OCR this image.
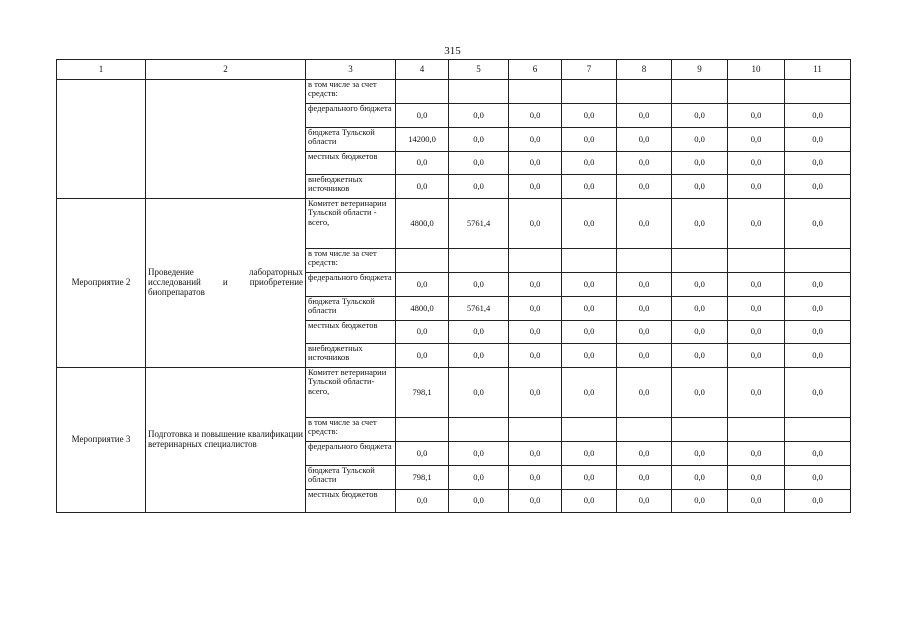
315
1	2	3	4	5	6	7	8	9	10	11
		в том числе за счет средств:								
		федерального бюджета	0,0	0,0	0,0	0,0	0,0	0,0	0,0	0,0
		бюджета Тульской области	14200,0	0,0	0,0	0,0	0,0	0,0	0,0	0,0
		местных бюджетов	0,0	0,0	0,0	0,0	0,0	0,0	0,0	0,0
		внебюджетных источников	0,0	0,0	0,0	0,0	0,0	0,0	0,0	0,0
Мероприятие 2	Проведение лабораторных исследований и приобретение биопрепаратов	Комитет ветеринарии Тульской области - всего,	4800,0	5761,4	0,0	0,0	0,0	0,0	0,0	0,0
		в том числе за счет средств:								
		федерального бюджета	0,0	0,0	0,0	0,0	0,0	0,0	0,0	0,0
		бюджета Тульской области	4800,0	5761,4	0,0	0,0	0,0	0,0	0,0	0,0
		местных бюджетов	0,0	0,0	0,0	0,0	0,0	0,0	0,0	0,0
		внебюджетных источников	0,0	0,0	0,0	0,0	0,0	0,0	0,0	0,0
Мероприятие 3	Подготовка и повышение квалификации ветеринарных специалистов	Комитет ветеринарии Тульской области- всего,	798,1	0,0	0,0	0,0	0,0	0,0	0,0	0,0
		в том числе за счет средств:								
		федерального бюджета	0,0	0,0	0,0	0,0	0,0	0,0	0,0	0,0
		бюджета Тульской области	798,1	0,0	0,0	0,0	0,0	0,0	0,0	0,0
		местных бюджетов	0,0	0,0	0,0	0,0	0,0	0,0	0,0	0,0
